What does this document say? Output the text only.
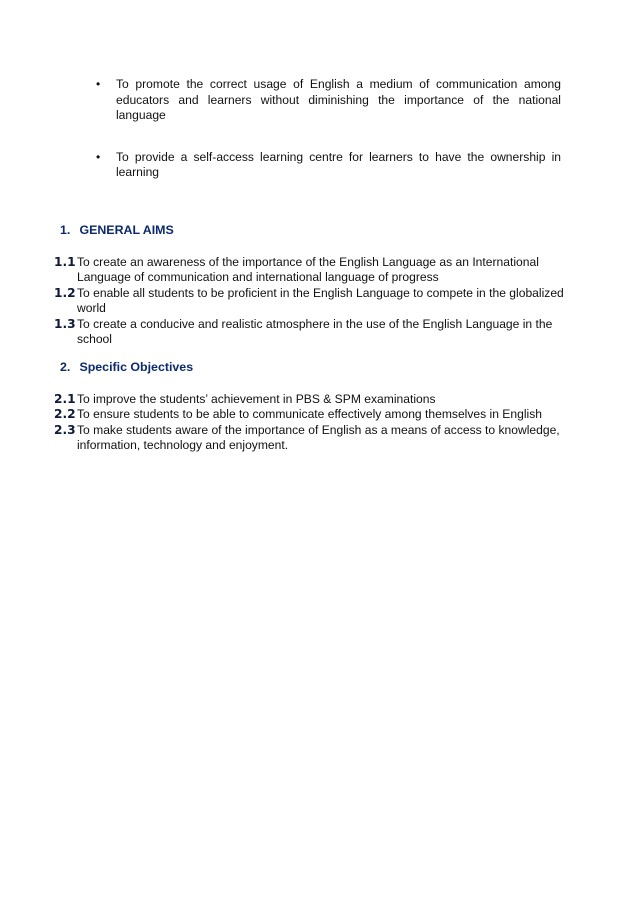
• To promote the correct usage of English a medium of communication among educators and learners without diminishing the importance of the national language
• To provide a self-access learning centre for learners to have the ownership in learning
1. GENERAL AIMS
1.1 To create an awareness of the importance of the English Language as an International Language of communication and international language of progress
1.2 To enable all students to be proficient in the English Language to compete in the globalized world
1.3 To create a conducive and realistic atmosphere in the use of the English Language in the school
2. Specific Objectives
2.1 To improve the students’ achievement in PBS & SPM examinations
2.2 To ensure students to be able to communicate effectively among themselves in English
2.3 To make students aware of the importance of English as a means of access to knowledge, information, technology and enjoyment.
